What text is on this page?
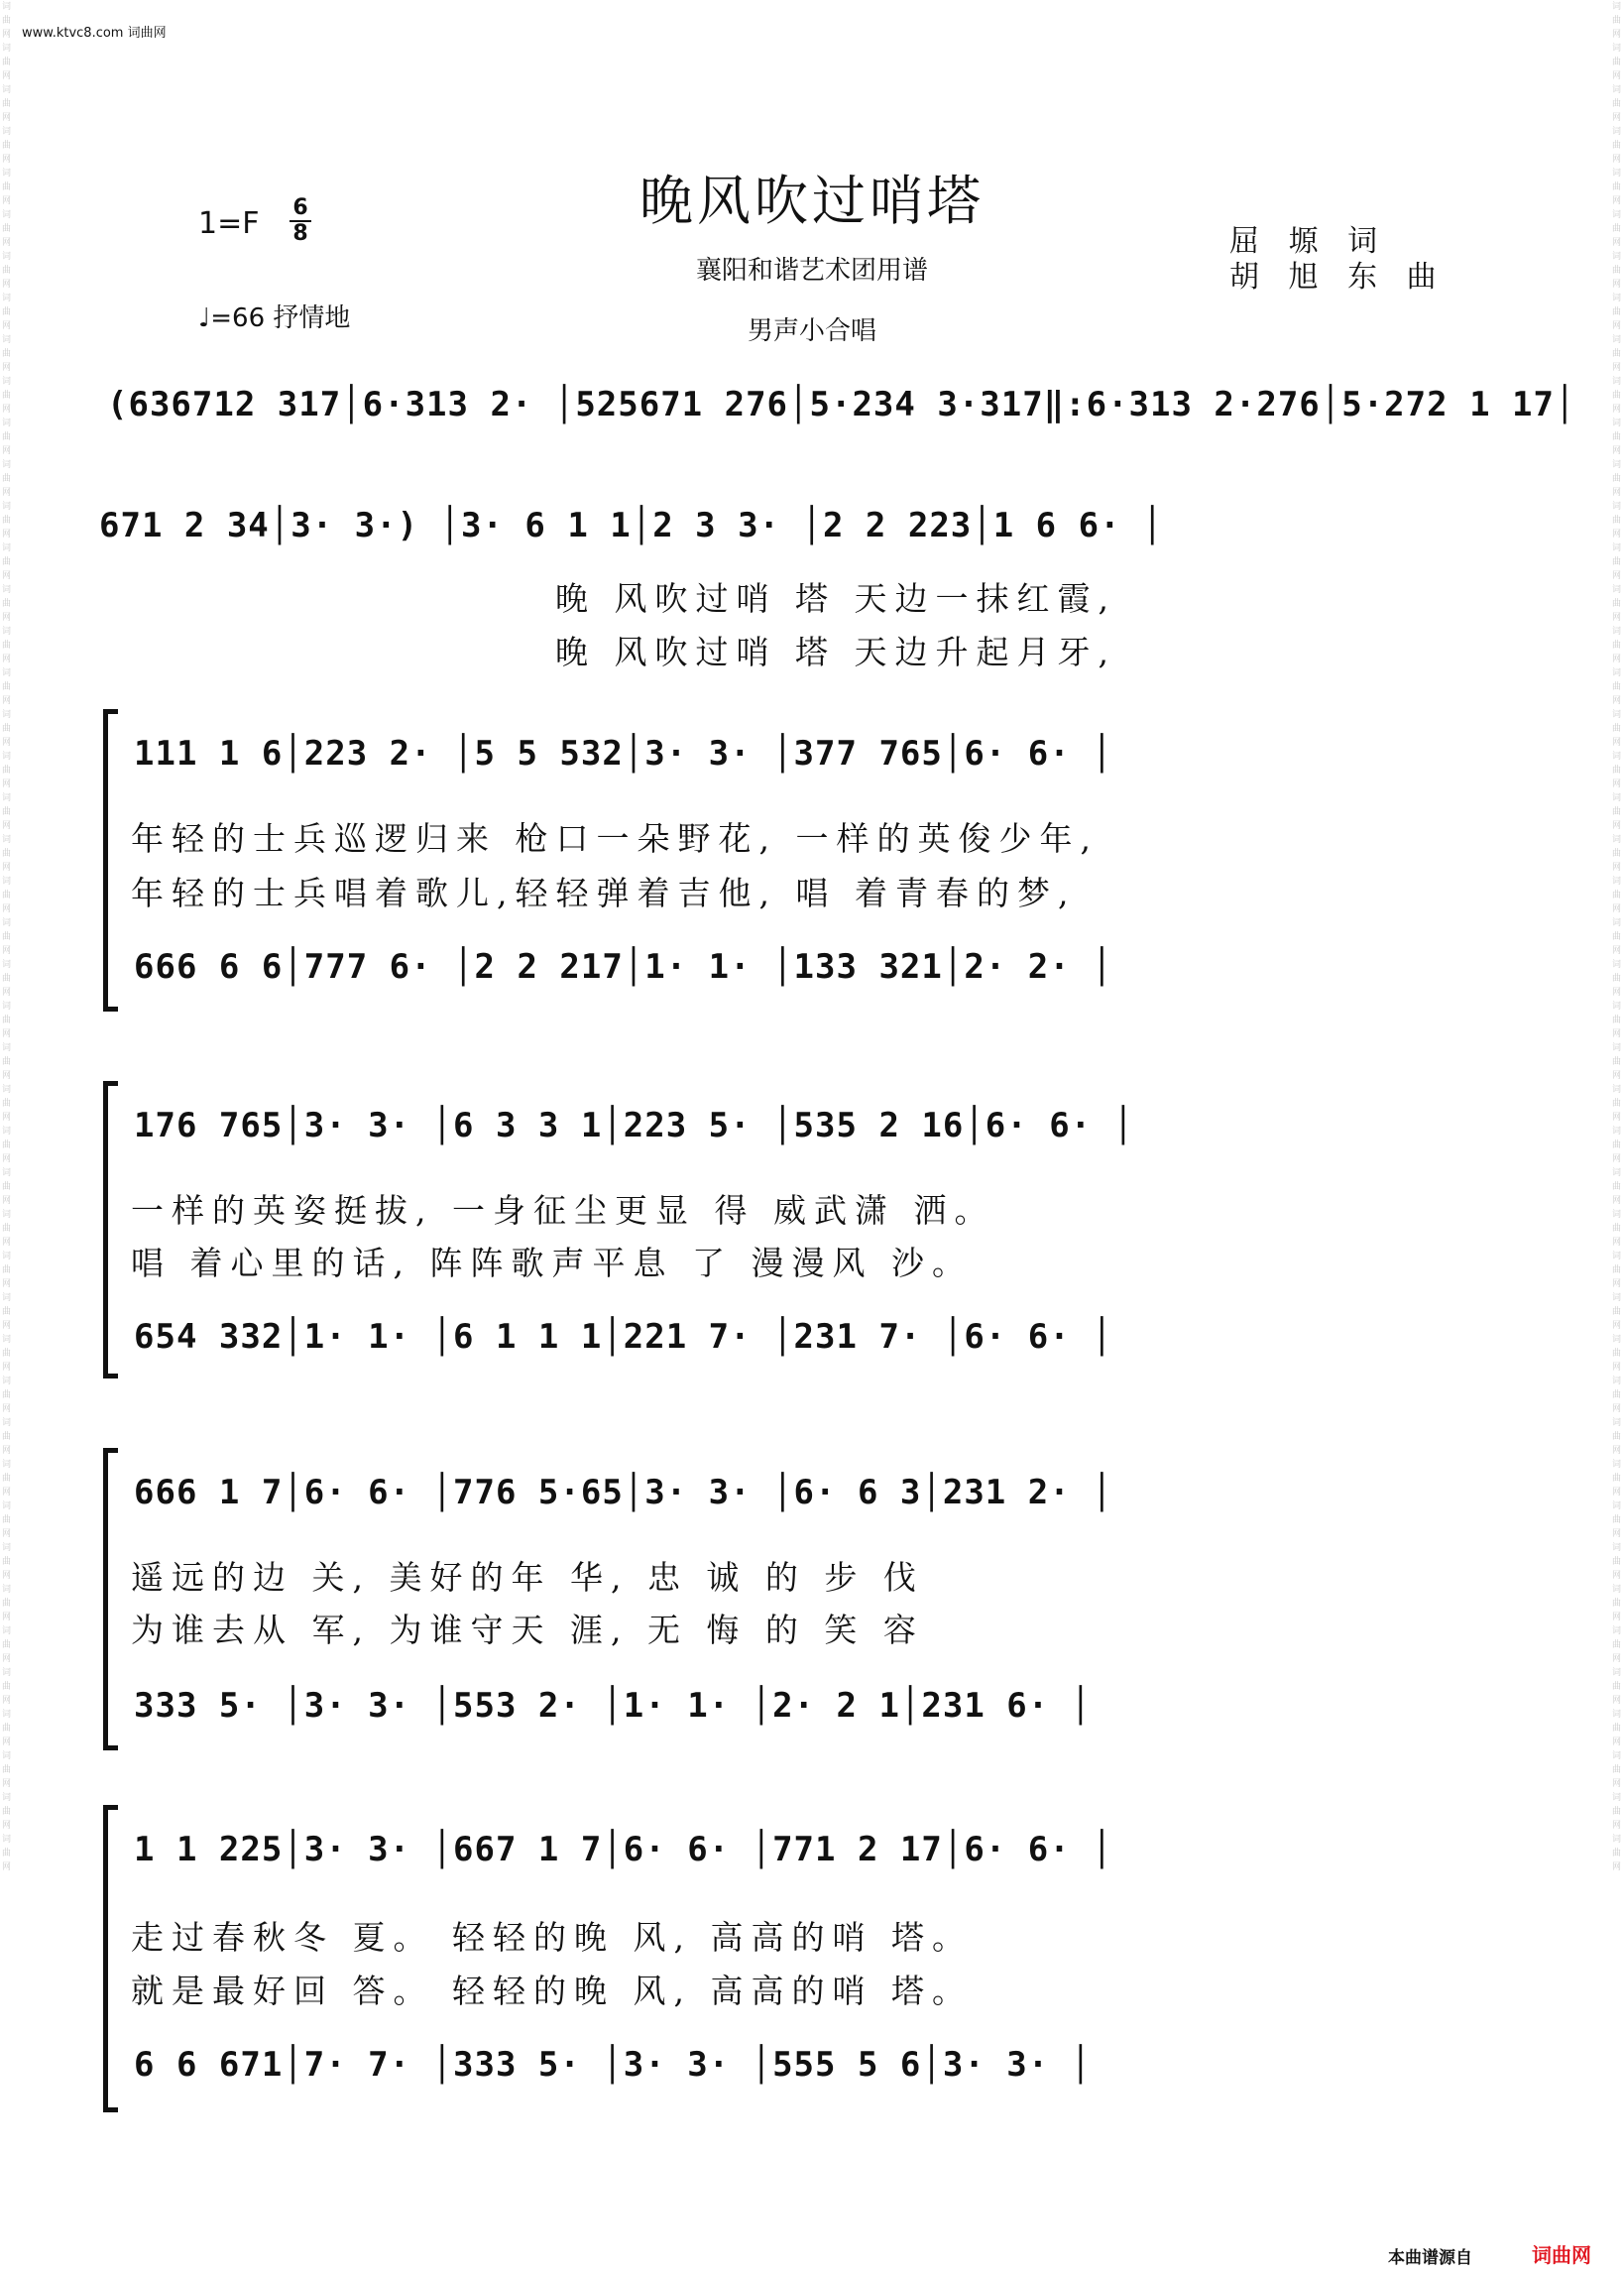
词曲网词曲网词曲网词曲网词曲网词曲网词曲网词曲网词曲网词曲网词曲网词曲网词曲网词曲网词曲网词曲网词曲网词曲网词曲网词曲网词曲网词曲网词曲网词曲网词曲网词曲网词曲网词曲网词曲网词曲网词曲网词曲网词曲网词曲网词曲网词曲网词曲网词曲网词曲网词曲网词曲网词曲网词曲网词曲网词曲网
词曲网词曲网词曲网词曲网词曲网词曲网词曲网词曲网词曲网词曲网词曲网词曲网词曲网词曲网词曲网词曲网词曲网词曲网词曲网词曲网词曲网词曲网词曲网词曲网词曲网词曲网词曲网词曲网词曲网词曲网词曲网词曲网词曲网词曲网词曲网词曲网词曲网词曲网词曲网词曲网词曲网词曲网词曲网词曲网词曲网
www.ktvc8.com 词曲网
晚风吹过哨塔
$1=F \frac{6}{8}$
♩=66 抒情地
襄阳和谐艺术团用谱
男声小合唱
屈 塬 词
胡 旭 东 曲
(636712 317│6·313 2· │525671 276│5·234 3·317‖:6·313 2·276│5·272 1 17│
671 2 34│3· 3·) │3· 6 1 1│2 3 3· │2 2 223│1 6 6· │
晚 风吹过哨 塔 天边一抹红霞,
晚 风吹过哨 塔 天边升起月牙,
111 1 6│223 2· │5 5 532│3· 3· │377 765│6· 6· │
年轻的士兵巡逻归来 枪口一朵野花, 一样的英俊少年,
年轻的士兵唱着歌儿,轻轻弹着吉他, 唱 着青春的梦,
666 6 6│777 6· │2 2 217│1· 1· │133 321│2· 2· │
176 765│3· 3· │6 3 3 1│223 5· │535 2 16│6· 6· │
一样的英姿挺拔, 一身征尘更显 得 威武潇 洒。
唱 着心里的话, 阵阵歌声平息 了 漫漫风 沙。
654 332│1· 1· │6 1 1 1│221 7· │231 7· │6· 6· │
666 1 7│6· 6· │776 5·65│3· 3· │6· 6 3│231 2· │
遥远的边 关, 美好的年 华, 忠 诚 的 步 伐
为谁去从 军, 为谁守天 涯, 无 悔 的 笑 容
333 5· │3· 3· │553 2· │1· 1· │2· 2 1│231 6· │
1 1 225│3· 3· │667 1 7│6· 6· │771 2 17│6· 6· │
走过春秋冬 夏。 轻轻的晚 风, 高高的哨 塔。
就是最好回 答。 轻轻的晚 风, 高高的哨 塔。
6 6 671│7· 7· │333 5· │3· 3· │555 5 6│3· 3· │
本曲谱源自	词曲网
